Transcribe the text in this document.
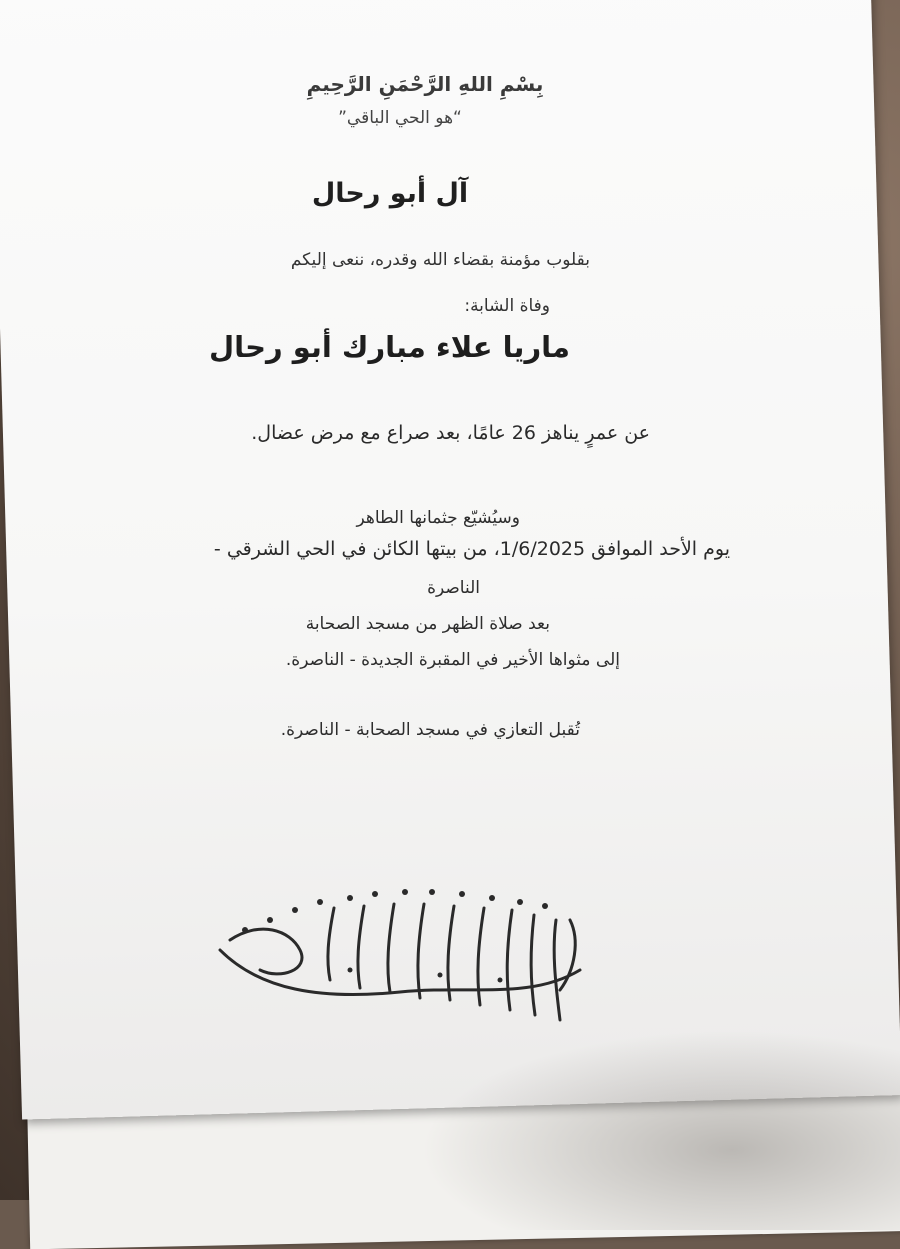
بِسْمِ اللهِ الرَّحْمَنِ الرَّحِيمِ
“هو الحي الباقي”
آل أبو رحال
بقلوب مؤمنة بقضاء الله وقدره، ننعى إليكم
وفاة الشابة:
ماريا علاء مبارك أبو رحال
عن عمرٍ يناهز 26 عامًا، بعد صراع مع مرض عضال.
وسيُشيّع جثمانها الطاهر
يوم الأحد الموافق 1/6/2025، من بيتها الكائن في الحي الشرقي -
الناصرة
بعد صلاة الظهر من مسجد الصحابة
إلى مثواها الأخير في المقبرة الجديدة - الناصرة.
تُقبل التعازي في مسجد الصحابة - الناصرة.
